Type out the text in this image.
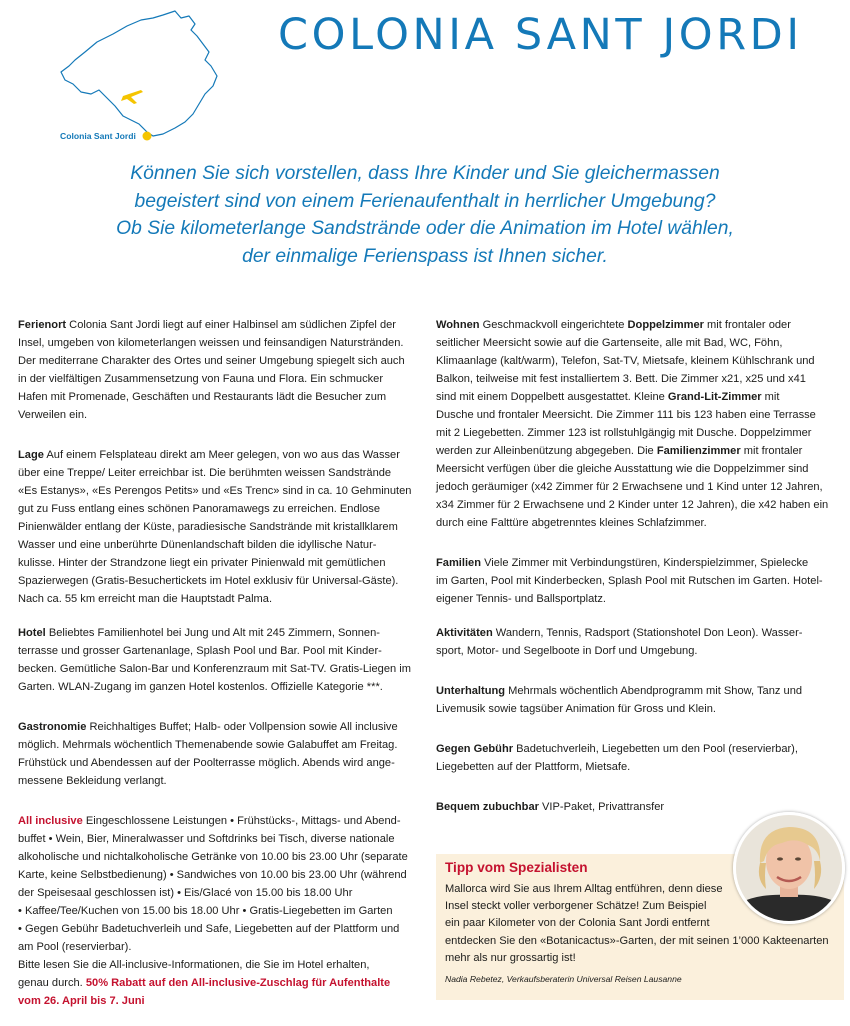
Colonia Sant Jordi
COLONIA SANT JORDI
Können Sie sich vorstellen, dass Ihre Kinder und Sie gleichermassen
begeistert sind von einem Ferienaufenthalt in herrlicher Umgebung?
Ob Sie kilometerlange Sandstrände oder die Animation im Hotel wählen,
der einmalige Ferienspass ist Ihnen sicher.
Ferienort Colonia Sant Jordi liegt auf einer Halbinsel am südlichen Zipfel der
Insel, umgeben von kilometerlangen weissen und feinsandigen Naturstränden.
Der mediterrane Charakter des Ortes und seiner Umgebung spiegelt sich auch
in der vielfältigen Zusammensetzung von Fauna und Flora. Ein schmucker
Hafen mit Promenade, Geschäften und Restaurants lädt die Besucher zum
Verweilen ein.
Lage Auf einem Felsplateau direkt am Meer gelegen, von wo aus das Wasser
über eine Treppe/ Leiter erreichbar ist. Die berühmten weissen Sandstrände
«Es Estanys», «Es Perengos Petits» und «Es Trenc» sind in ca. 10 Gehminuten
gut zu Fuss entlang eines schönen Panoramawegs zu erreichen. Endlose
Pinienwälder entlang der Küste, paradiesische Sandstrände mit kristallklarem
Wasser und eine unberührte Dünenlandschaft bilden die idyllische Natur-
kulisse. Hinter der Strandzone liegt ein privater Pinienwald mit gemütlichen
Spazierwegen (Gratis-Besuchertickets im Hotel exklusiv für Universal-Gäste).
Nach ca. 55 km erreicht man die Hauptstadt Palma.
Hotel Beliebtes Familienhotel bei Jung und Alt mit 245 Zimmern, Sonnen-
terrasse und grosser Gartenanlage, Splash Pool und Bar. Pool mit Kinder-
becken. Gemütliche Salon-Bar und Konferenzraum mit Sat-TV. Gratis-Liegen im
Garten. WLAN-Zugang im ganzen Hotel kostenlos. Offizielle Kategorie ***.
Gastronomie Reichhaltiges Buffet; Halb- oder Vollpension sowie All inclusive
möglich. Mehrmals wöchentlich Themenabende sowie Galabuffet am Freitag.
Frühstück und Abendessen auf der Poolterrasse möglich. Abends wird ange-
messene Bekleidung verlangt.
All inclusive Eingeschlossene Leistungen • Frühstücks-, Mittags- und Abend-
buffet • Wein, Bier, Mineralwasser und Softdrinks bei Tisch, diverse nationale
alkoholische und nichtalkoholische Getränke von 10.00 bis 23.00 Uhr (separate
Karte, keine Selbstbedienung) • Sandwiches von 10.00 bis 23.00 Uhr (während
der Speisesaal geschlossen ist) • Eis/Glacé von 15.00 bis 18.00 Uhr
• Kaffee/Tee/Kuchen von 15.00 bis 18.00 Uhr • Gratis-Liegebetten im Garten
• Gegen Gebühr Badetuchverleih und Safe, Liegebetten auf der Plattform und
am Pool (reservierbar).
Bitte lesen Sie die All-inclusive-Informationen, die Sie im Hotel erhalten,
genau durch. 50% Rabatt auf den All-inclusive-Zuschlag für Aufenthalte
vom 26. April bis 7. Juni
Wohnen Geschmackvoll eingerichtete Doppelzimmer mit frontaler oder
seitlicher Meersicht sowie auf die Gartenseite, alle mit Bad, WC, Föhn,
Klimaanlage (kalt/warm), Telefon, Sat-TV, Mietsafe, kleinem Kühlschrank und
Balkon, teilweise mit fest installiertem 3. Bett. Die Zimmer x21, x25 und x41
sind mit einem Doppelbett ausgestattet. Kleine Grand-Lit-Zimmer mit
Dusche und frontaler Meersicht. Die Zimmer 111 bis 123 haben eine Terrasse
mit 2 Liegebetten. Zimmer 123 ist rollstuhlgängig mit Dusche. Doppelzimmer
werden zur Alleinbenützung abgegeben. Die Familienzimmer mit frontaler
Meersicht verfügen über die gleiche Ausstattung wie die Doppelzimmer sind
jedoch geräumiger (x42 Zimmer für 2 Erwachsene und 1 Kind unter 12 Jahren,
x34 Zimmer für 2 Erwachsene und 2 Kinder unter 12 Jahren), die x42 haben ein
durch eine Falttüre abgetrenntes kleines Schlafzimmer.
Familien Viele Zimmer mit Verbindungstüren, Kinderspielzimmer, Spielecke
im Garten, Pool mit Kinderbecken, Splash Pool mit Rutschen im Garten. Hotel-
eigener Tennis- und Ballsportplatz.
Aktivitäten Wandern, Tennis, Radsport (Stationshotel Don Leon). Wasser-
sport, Motor- und Segelboote in Dorf und Umgebung.
Unterhaltung Mehrmals wöchentlich Abendprogramm mit Show, Tanz und
Livemusik sowie tagsüber Animation für Gross und Klein.
Gegen Gebühr Badetuchverleih, Liegebetten um den Pool (reservierbar),
Liegebetten auf der Plattform, Mietsafe.
Bequem zubuchbar VIP-Paket, Privattransfer
Tipp vom Spezialisten
Mallorca wird Sie aus Ihrem Alltag entführen, denn diese
Insel steckt voller verborgener Schätze! Zum Beispiel
ein paar Kilometer von der Colonia Sant Jordi entfernt
entdecken Sie den «Botanicactus»-Garten, der mit seinen 1’000 Kakteenarten
mehr als nur grossartig ist!
Nadia Rebetez, Verkaufsberaterin Universal Reisen Lausanne
